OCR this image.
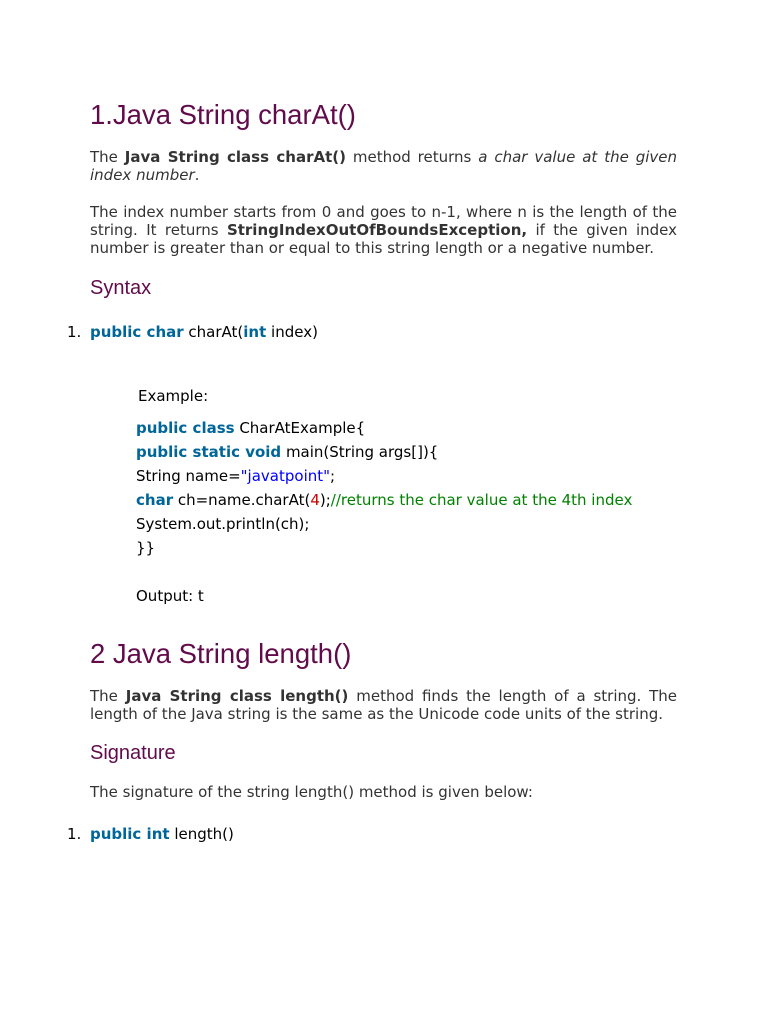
1.Java String charAt()

The Java String class charAt() method returns a char value at the given index number.

The index number starts from 0 and goes to n-1, where n is the length of the string. It returns StringIndexOutOfBoundsException, if the given index number is greater than or equal to this string length or a negative number.

Syntax
1. public char charAt(int index)
Example:
public class CharAtExample{
public static void main(String args[]){
String name="javatpoint";
char ch=name.charAt(4);//returns the char value at the 4th index
System.out.println(ch);
}}
Output: t
2 Java String length()

The Java String class length() method finds the length of a string. The length of the Java string is the same as the Unicode code units of the string.

Signature

The signature of the string length() method is given below:

1. public int length()
